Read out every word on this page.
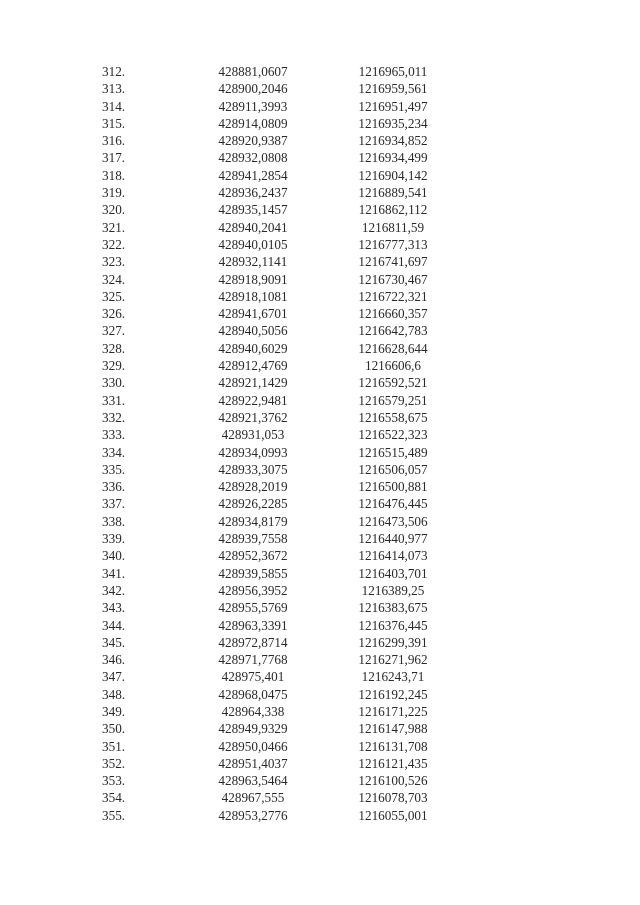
312.	428881,0607	1216965,011
313.	428900,2046	1216959,561
314.	428911,3993	1216951,497
315.	428914,0809	1216935,234
316.	428920,9387	1216934,852
317.	428932,0808	1216934,499
318.	428941,2854	1216904,142
319.	428936,2437	1216889,541
320.	428935,1457	1216862,112
321.	428940,2041	1216811,59
322.	428940,0105	1216777,313
323.	428932,1141	1216741,697
324.	428918,9091	1216730,467
325.	428918,1081	1216722,321
326.	428941,6701	1216660,357
327.	428940,5056	1216642,783
328.	428940,6029	1216628,644
329.	428912,4769	1216606,6
330.	428921,1429	1216592,521
331.	428922,9481	1216579,251
332.	428921,3762	1216558,675
333.	428931,053	1216522,323
334.	428934,0993	1216515,489
335.	428933,3075	1216506,057
336.	428928,2019	1216500,881
337.	428926,2285	1216476,445
338.	428934,8179	1216473,506
339.	428939,7558	1216440,977
340.	428952,3672	1216414,073
341.	428939,5855	1216403,701
342.	428956,3952	1216389,25
343.	428955,5769	1216383,675
344.	428963,3391	1216376,445
345.	428972,8714	1216299,391
346.	428971,7768	1216271,962
347.	428975,401	1216243,71
348.	428968,0475	1216192,245
349.	428964,338	1216171,225
350.	428949,9329	1216147,988
351.	428950,0466	1216131,708
352.	428951,4037	1216121,435
353.	428963,5464	1216100,526
354.	428967,555	1216078,703
355.	428953,2776	1216055,001
